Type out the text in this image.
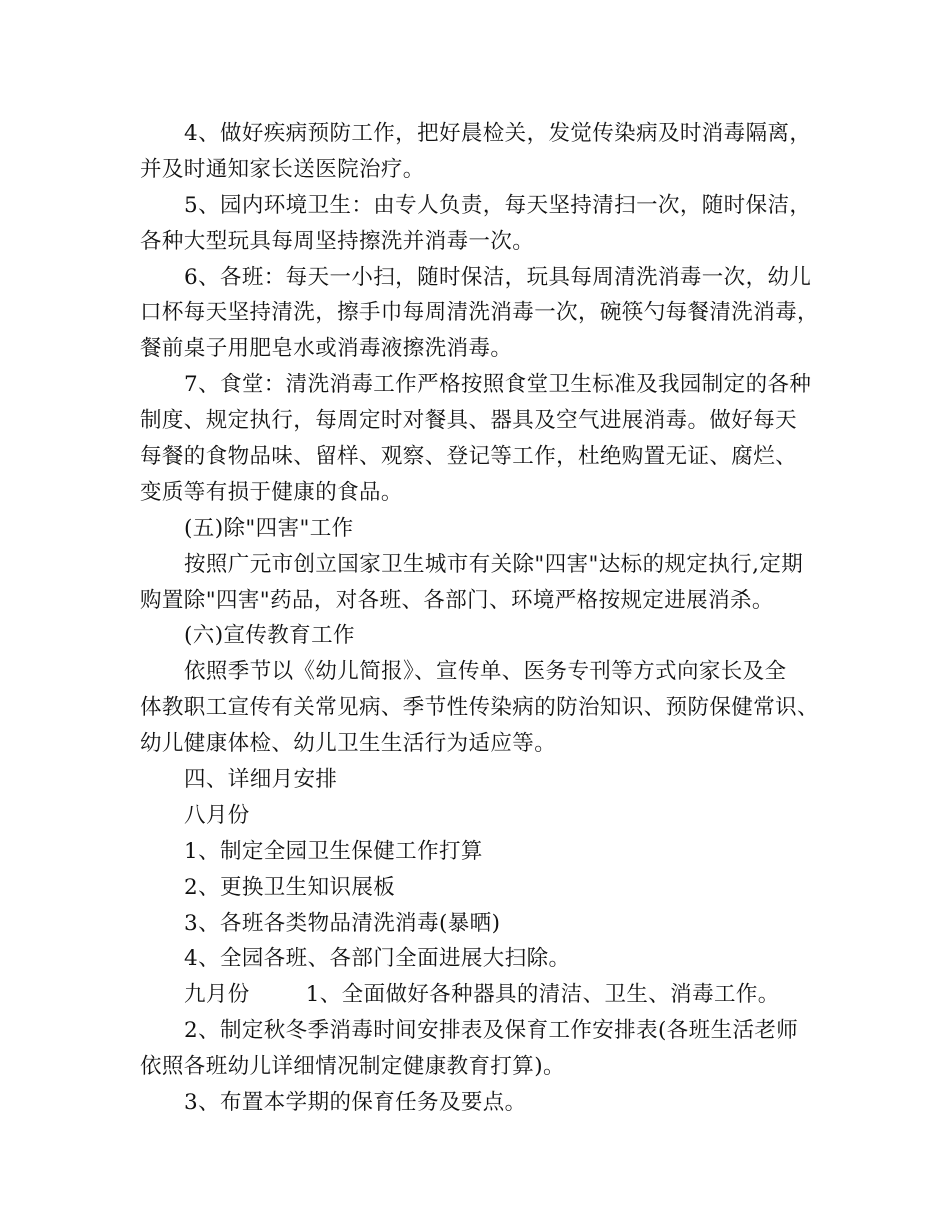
4、做好疾病预防工作，把好晨检关，发觉传染病及时消毒隔离，
并及时通知家长送医院治疗。
5、园内环境卫生：由专人负责，每天坚持清扫一次，随时保洁，
各种大型玩具每周坚持擦洗并消毒一次。
6、各班：每天一小扫，随时保洁，玩具每周清洗消毒一次，幼儿
口杯每天坚持清洗，擦手巾每周清洗消毒一次，碗筷勺每餐清洗消毒，
餐前桌子用肥皂水或消毒液擦洗消毒。
7、食堂：清洗消毒工作严格按照食堂卫生标准及我园制定的各种
制度、规定执行，每周定时对餐具、器具及空气进展消毒。做好每天
每餐的食物品味、留样、观察、登记等工作，杜绝购置无证、腐烂、
变质等有损于健康的食品。
(五)除"四害"工作
按照广元市创立国家卫生城市有关除"四害"达标的规定执行,定期
购置除"四害"药品，对各班、各部门、环境严格按规定进展消杀。
(六)宣传教育工作
依照季节以《幼儿简报》、宣传单、医务专刊等方式向家长及全
体教职工宣传有关常见病、季节性传染病的防治知识、预防保健常识、
幼儿健康体检、幼儿卫生生活行为适应等。
四、详细月安排
八月份
1、制定全园卫生保健工作打算
2、更换卫生知识展板
3、各班各类物品清洗消毒(暴晒)
4、全园各班、各部门全面进展大扫除。
九月份	1、全面做好各种器具的清洁、卫生、消毒工作。
2、制定秋冬季消毒时间安排表及保育工作安排表(各班生活老师
依照各班幼儿详细情况制定健康教育打算)。
3、布置本学期的保育任务及要点。
